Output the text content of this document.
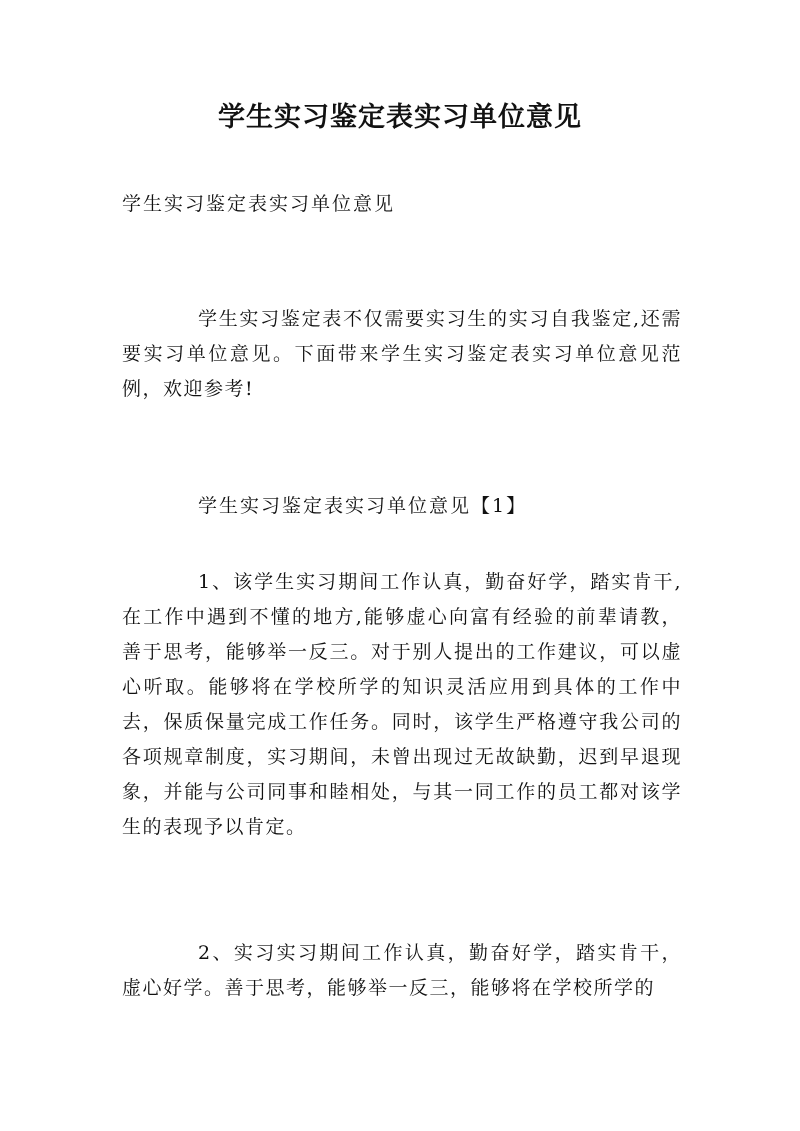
学生实习鉴定表实习单位意见
学生实习鉴定表实习单位意见

学生实习鉴定表不仅需要实习生的实习自我鉴定,还需要实习单位意见。下面带来学生实习鉴定表实习单位意见范例，欢迎参考!

学生实习鉴定表实习单位意见【1】

1、该学生实习期间工作认真，勤奋好学，踏实肯干,在工作中遇到不懂的地方,能够虚心向富有经验的前辈请教，善于思考，能够举一反三。对于别人提出的工作建议，可以虚心听取。能够将在学校所学的知识灵活应用到具体的工作中去，保质保量完成工作任务。同时，该学生严格遵守我公司的各项规章制度，实习期间，未曾出现过无故缺勤，迟到早退现象，并能与公司同事和睦相处，与其一同工作的员工都对该学生的表现予以肯定。

2、实习实习期间工作认真，勤奋好学，踏实肯干，虚心好学。善于思考，能够举一反三，能够将在学校所学的
